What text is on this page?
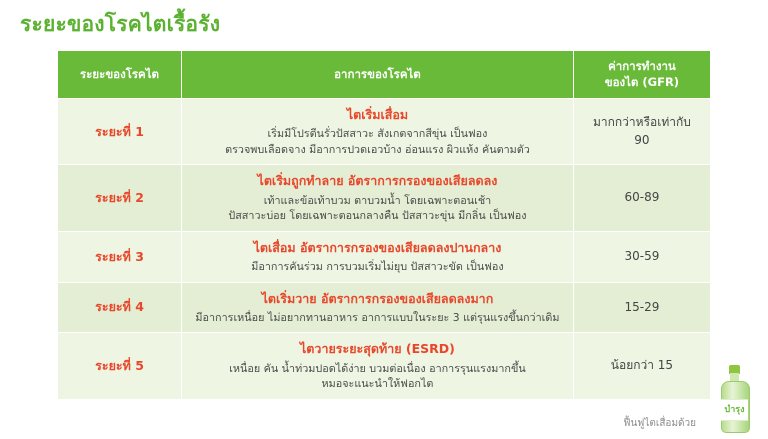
ระยะของโรคไตเรื้อรัง
ระยะของโรคไต	อาการของโรคไต	ค่าการทำงาน
ของไต (GFR)
ระยะที่ 1	ไตเริ่มเสื่อม
เริ่มมีโปรตีนรั่วปัสสาวะ สังเกตจากสีขุ่น เป็นฟอง
ตรวจพบเลือดจาง มีอาการปวดเอวบ้าง อ่อนแรง ผิวแห้ง คันตามตัว	มากกว่าหรือเท่ากับ
90

ระยะที่ 2	ไตเริ่มถูกทำลาย อัตราการกรองของเสียลดลง
เท้าและข้อเท้าบวม ตาบวมน้ำ โดยเฉพาะตอนเช้า
ปัสสาวะบ่อย โดยเฉพาะตอนกลางคืน ปัสสาวะขุ่น มีกลิ่น เป็นฟอง	60-89

ระยะที่ 3	ไตเสื่อม อัตราการกรองของเสียลดลงปานกลาง
มีอาการคันร่วม การบวมเริ่มไม่ยุบ ปัสสาวะขัด เป็นฟอง	30-59

ระยะที่ 4	ไตเริ่มวาย อัตราการกรองของเสียลดลงมาก
มีอาการเหนื่อย ไม่อยากทานอาหาร อาการแบบในระยะ 3 แต่รุนแรงขึ้นกว่าเดิม	15-29

ระยะที่ 5	ไตวายระยะสุดท้าย (ESRD)
เหนื่อย คัน น้ำท่วมปอดได้ง่าย บวมต่อเนื่อง อาการรุนแรงมากขึ้น
หมอจะแนะนำให้ฟอกไต	น้อยกว่า 15
ฟื้นฟูไตเสื่อมด้วย
บำรุง
